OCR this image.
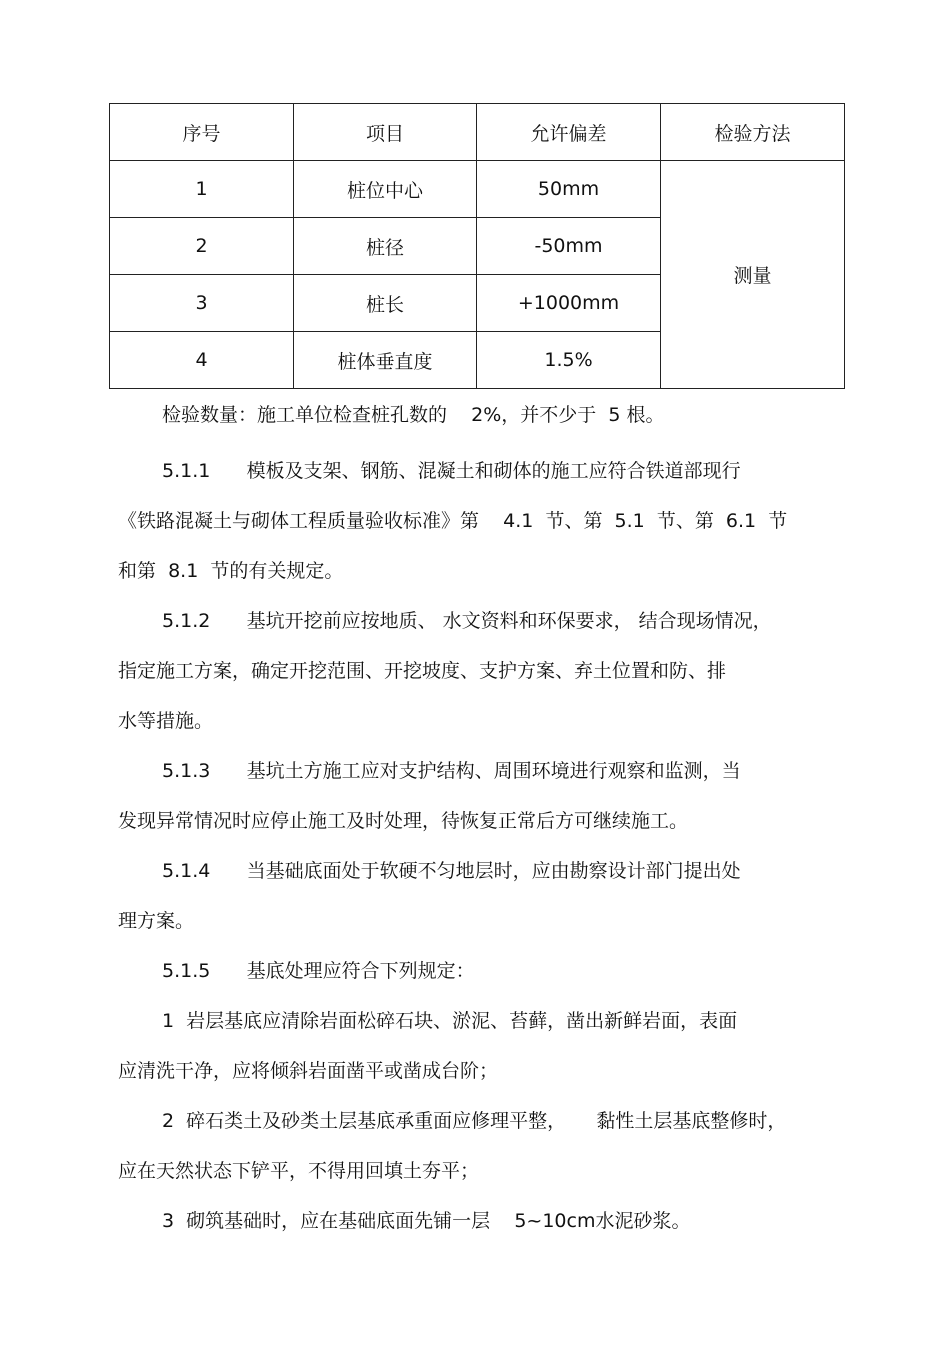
序号	项目	允许偏差	检验方法
1	桩位中心	50mm	测量
2	桩径	-50mm	
3	桩长	+1000mm	
4	桩体垂直度	1.5%	
检验数量：施工单位检查桩孔数的    2%，并不少于  5 根。
5.1.1      模板及支架、钢筋、混凝土和砌体的施工应符合铁道部现行
《铁路混凝土与砌体工程质量验收标准》第    4.1  节、第  5.1  节、第  6.1  节
和第  8.1  节的有关规定。
5.1.2      基坑开挖前应按地质、 水文资料和环保要求， 结合现场情况，
指定施工方案，确定开挖范围、开挖坡度、支护方案、弃土位置和防、排
水等措施。
5.1.3      基坑土方施工应对支护结构、周围环境进行观察和监测，当
发现异常情况时应停止施工及时处理，待恢复正常后方可继续施工。
5.1.4      当基础底面处于软硬不匀地层时，应由勘察设计部门提出处
理方案。
5.1.5      基底处理应符合下列规定：
1  岩层基底应清除岩面松碎石块、淤泥、苔藓，凿出新鲜岩面，表面
应清洗干净，应将倾斜岩面凿平或凿成台阶；
2  碎石类土及砂类土层基底承重面应修理平整，     黏性土层基底整修时，
应在天然状态下铲平，不得用回填土夯平；
3  砌筑基础时，应在基础底面先铺一层    5~10cm水泥砂浆。
